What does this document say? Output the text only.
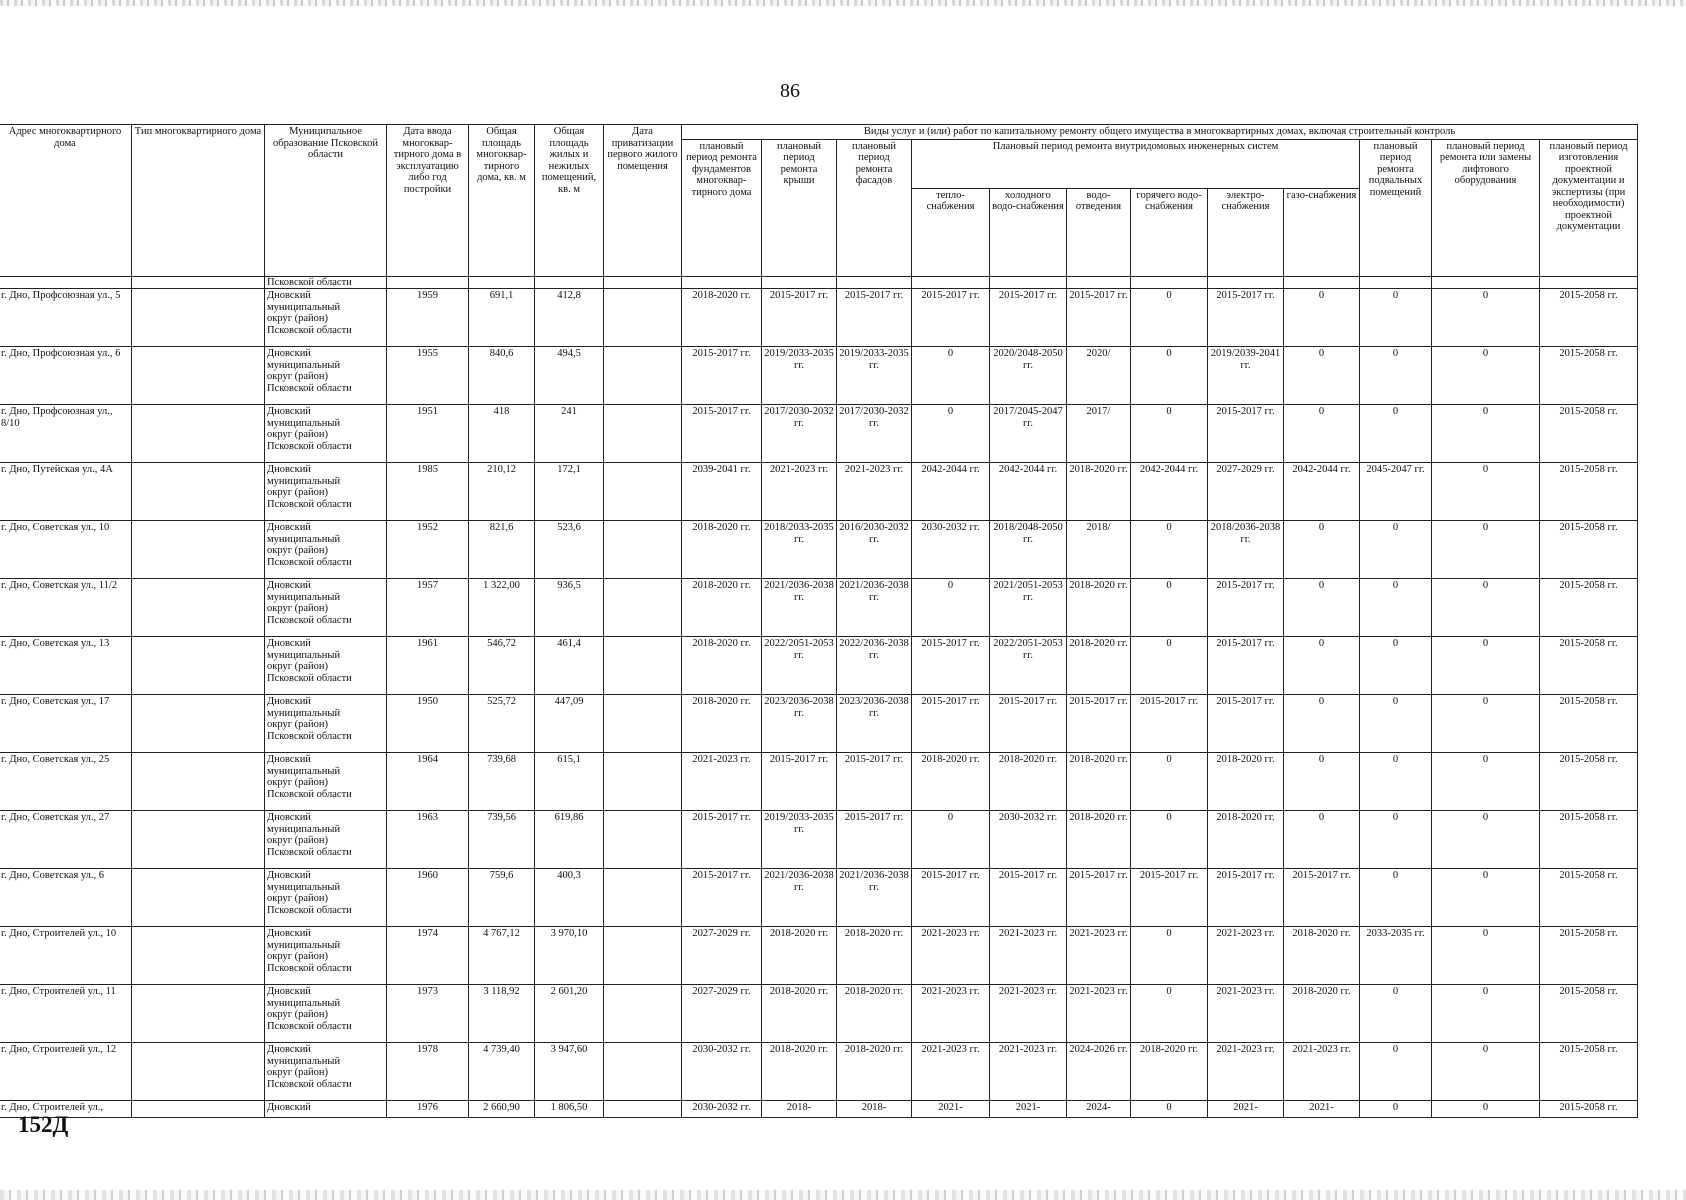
86
Адрес многоквартирного дома	Тип многоквартирного дома	Муниципальное образование Псковской области	Дата ввода многоквар-тирного дома в эксплуатацию либо год постройки	Общая площадь многоквар-тирного дома, кв. м	Общая площадь жилых и нежилых помещений, кв. м	Дата приватизации первого жилого помещения	Виды услуг и (или) работ по капитальному ремонту общего имущества в многоквартирных домах, включая строительный контроль											
							плановый период ремонта фундаментов многоквар-тирного дома	плановый период ремонта крыши	плановый период ремонта фасадов	Плановый период ремонта внутридомовых инженерных систем						плановый период ремонта подвальных помещений	плановый период ремонта или замены лифтового оборудования	плановый период изготовления проектной документации и экспертизы (при необходимости) проектной документации
										тепло-снабжения	холодного водо-снабжения	водо-отведения	горячего водо-снабжения	электро-снабжения	газо-снабжения			
		Псковской области																
г. Дно, Профсоюзная ул., 5		Дновский
муниципальный
округ (район)
Псковской области	1959	691,1	412,8		2018-2020 гг.	2015-2017 гг.	2015-2017 гг.	2015-2017 гг.	2015-2017 гг.	2015-2017 гг.	0	2015-2017 гг.	0	0	0	2015-2058 гг.
г. Дно, Профсоюзная ул., 6		Дновский
муниципальный
округ (район)
Псковской области	1955	840,6	494,5		2015-2017 гг.	2019/2033-2035 гг.	2019/2033-2035 гг.	0	2020/2048-2050 гг.	2020/	0	2019/2039-2041 гг.	0	0	0	2015-2058 гг.
г. Дно, Профсоюзная ул., 8/10		Дновский
муниципальный
округ (район)
Псковской области	1951	418	241		2015-2017 гг.	2017/2030-2032 гг.	2017/2030-2032 гг.	0	2017/2045-2047 гг.	2017/	0	2015-2017 гг.	0	0	0	2015-2058 гг.
г. Дно, Путейская ул., 4А		Дновский
муниципальный
округ (район)
Псковской области	1985	210,12	172,1		2039-2041 гг.	2021-2023 гг.	2021-2023 гг.	2042-2044 гг.	2042-2044 гг.	2018-2020 гг.	2042-2044 гг.	2027-2029 гг.	2042-2044 гг.	2045-2047 гг.	0	2015-2058 гг.
г. Дно, Советская ул., 10		Дновский
муниципальный
округ (район)
Псковской области	1952	821,6	523,6		2018-2020 гг.	2018/2033-2035 гг.	2016/2030-2032 гг.	2030-2032 гг.	2018/2048-2050 гг.	2018/	0	2018/2036-2038 гг.	0	0	0	2015-2058 гг.
г. Дно, Советская ул., 11/2		Дновский
муниципальный
округ (район)
Псковской области	1957	1 322,00	936,5		2018-2020 гг.	2021/2036-2038 гг.	2021/2036-2038 гг.	0	2021/2051-2053 гг.	2018-2020 гг.	0	2015-2017 гг.	0	0	0	2015-2058 гг.
г. Дно, Советская ул., 13		Дновский
муниципальный
округ (район)
Псковской области	1961	546,72	461,4		2018-2020 гг.	2022/2051-2053 гг.	2022/2036-2038 гг.	2015-2017 гг.	2022/2051-2053 гг.	2018-2020 гг.	0	2015-2017 гг.	0	0	0	2015-2058 гг.
г. Дно, Советская ул., 17		Дновский
муниципальный
округ (район)
Псковской области	1950	525,72	447,09		2018-2020 гг.	2023/2036-2038 гг.	2023/2036-2038 гг.	2015-2017 гг.	2015-2017 гг.	2015-2017 гг.	2015-2017 гг.	2015-2017 гг.	0	0	0	2015-2058 гг.
г. Дно, Советская ул., 25		Дновский
муниципальный
округ (район)
Псковской области	1964	739,68	615,1		2021-2023 гг.	2015-2017 гг.	2015-2017 гг.	2018-2020 гг.	2018-2020 гг.	2018-2020 гг.	0	2018-2020 гг.	0	0	0	2015-2058 гг.
г. Дно, Советская ул., 27		Дновский
муниципальный
округ (район)
Псковской области	1963	739,56	619,86		2015-2017 гг.	2019/2033-2035 гг.	2015-2017 гг.	0	2030-2032 гг.	2018-2020 гг.	0	2018-2020 гг.	0	0	0	2015-2058 гг.
г. Дно, Советская ул., 6		Дновский
муниципальный
округ (район)
Псковской области	1960	759,6	400,3		2015-2017 гг.	2021/2036-2038 гг.	2021/2036-2038 гг.	2015-2017 гг.	2015-2017 гг.	2015-2017 гг.	2015-2017 гг.	2015-2017 гг.	2015-2017 гг.	0	0	2015-2058 гг.
г. Дно, Строителей ул., 10		Дновский
муниципальный
округ (район)
Псковской области	1974	4 767,12	3 970,10		2027-2029 гг.	2018-2020 гг.	2018-2020 гг.	2021-2023 гг.	2021-2023 гг.	2021-2023 гг.	0	2021-2023 гг.	2018-2020 гг.	2033-2035 гг.	0	2015-2058 гг.
г. Дно, Строителей ул., 11		Дновский
муниципальный
округ (район)
Псковской области	1973	3 118,92	2 601,20		2027-2029 гг.	2018-2020 гг.	2018-2020 гг.	2021-2023 гг.	2021-2023 гг.	2021-2023 гг.	0	2021-2023 гг.	2018-2020 гг.	0	0	2015-2058 гг.
г. Дно, Строителей ул., 12		Дновский
муниципальный
округ (район)
Псковской области	1978	4 739,40	3 947,60		2030-2032 гг.	2018-2020 гг.	2018-2020 гг.	2021-2023 гг.	2021-2023 гг.	2024-2026 гг.	2018-2020 гг.	2021-2023 гг.	2021-2023 гг.	0	0	2015-2058 гг.
г. Дно, Строителей ул.,		Дновский	1976	2 660,90	1 806,50		2030-2032 гг.	2018-	2018-	2021-	2021-	2024-	0	2021-	2021-	0	0	2015-2058 гг.
152Д
